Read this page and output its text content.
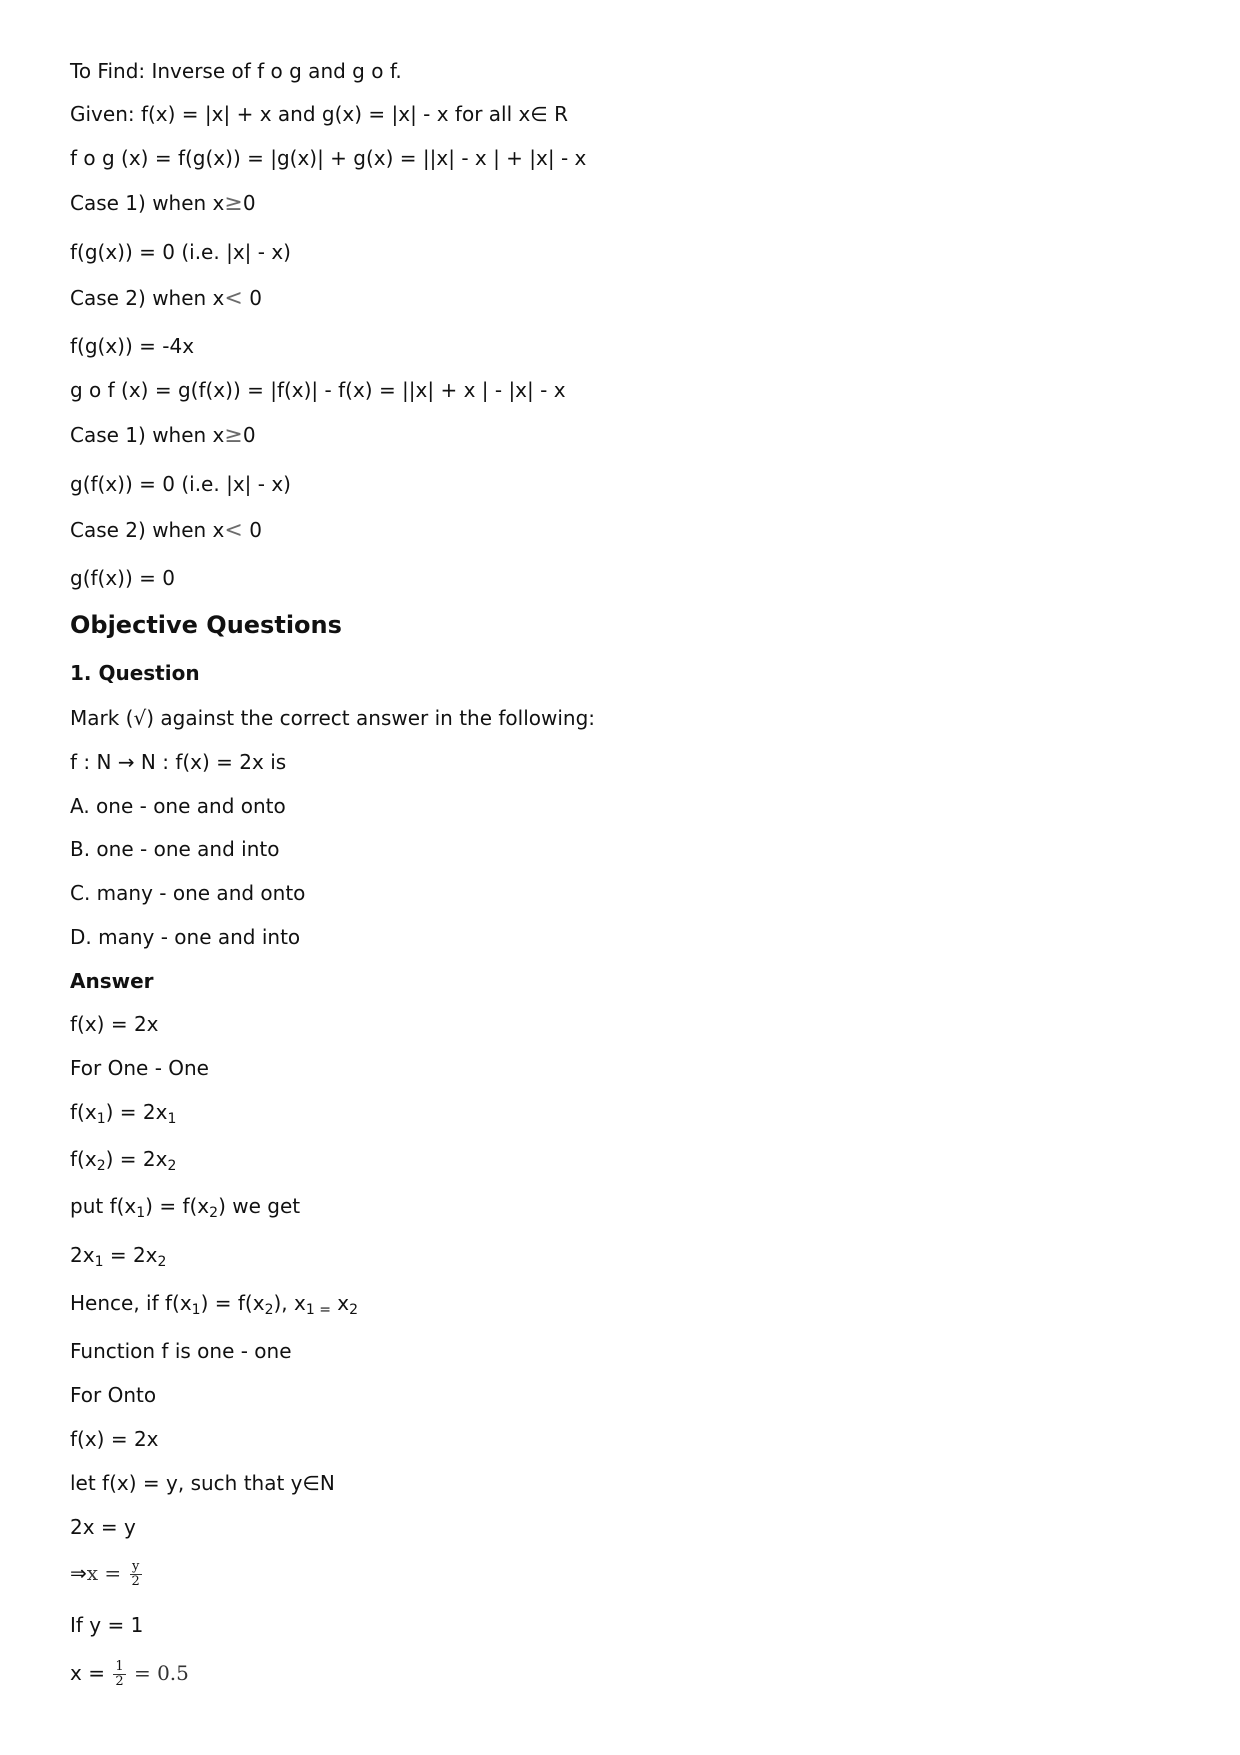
To Find: Inverse of f o g and g o f.
Given: f(x) = |x| + x and g(x) = |x| - x for all x∈ R
f o g (x) = f(g(x)) = |g(x)| + g(x) = ||x| - x | + |x| - x
Case 1) when x≥0
f(g(x)) = 0 (i.e. |x| - x)
Case 2) when x< 0
f(g(x)) = -4x
g o f (x) = g(f(x)) = |f(x)| - f(x) = ||x| + x | - |x| - x
Case 1) when x≥0
g(f(x)) = 0 (i.e. |x| - x)
Case 2) when x< 0
g(f(x)) = 0
Objective Questions
1. Question
Mark (√) against the correct answer in the following:
f : N → N : f(x) = 2x is
A. one - one and onto
B. one - one and into
C. many - one and onto
D. many - one and into
Answer
f(x) = 2x
For One - One
$f(x_1) = 2x_1$
$f(x_2) = 2x_2$
put $f(x_1) = f(x_2)$ we get
$2x_1 = 2x_2$
Hence, if $f(x_1) = f(x_2)$, $x_{1 =}$ $x_2$
Function f is one - one
For Onto
f(x) = 2x
let f(x) = y, such that y∈N
2x = y
⇒x = $\frac{y}{2}$
If y = 1
$x = \frac{1}{2} = 0.5$
